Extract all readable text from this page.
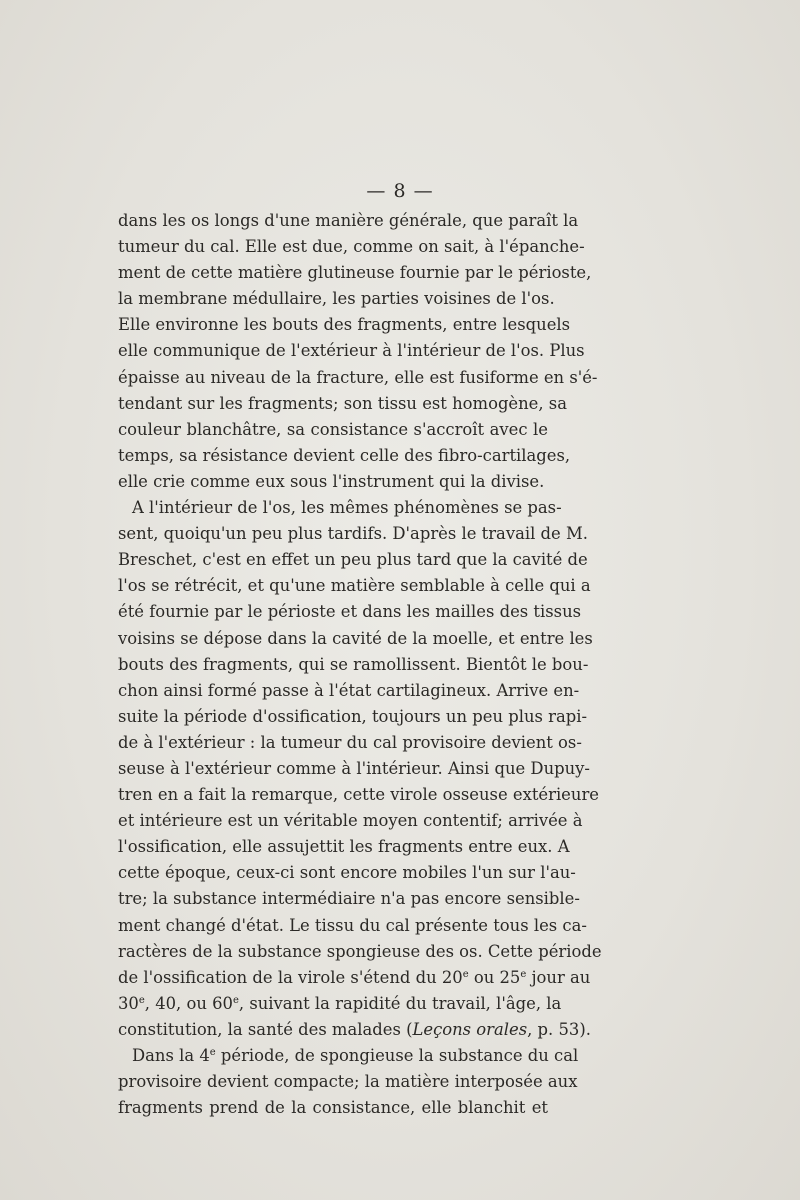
— 8 —
dans les os longs d'une manière générale, que paraît la
tumeur du cal. Elle est due, comme on sait, à l'épanche-
ment de cette matière glutineuse fournie par le périoste,
la membrane médullaire, les parties voisines de l'os.
Elle environne les bouts des fragments, entre lesquels
elle communique de l'extérieur à l'intérieur de l'os. Plus
épaisse au niveau de la fracture, elle est fusiforme en s'é-
tendant sur les fragments; son tissu est homogène, sa
couleur blanchâtre, sa consistance s'accroît avec le
temps, sa résistance devient celle des fibro-cartilages,
elle crie comme eux sous l'instrument qui la divise.
A l'intérieur de l'os, les mêmes phénomènes se pas-
sent, quoiqu'un peu plus tardifs. D'après le travail de M.
Breschet, c'est en effet un peu plus tard que la cavité de
l'os se rétrécit, et qu'une matière semblable à celle qui a
été fournie par le périoste et dans les mailles des tissus
voisins se dépose dans la cavité de la moelle, et entre les
bouts des fragments, qui se ramollissent. Bientôt le bou-
chon ainsi formé passe à l'état cartilagineux. Arrive en-
suite la période d'ossification, toujours un peu plus rapi-
de à l'extérieur : la tumeur du cal provisoire devient os-
seuse à l'extérieur comme à l'intérieur. Ainsi que Dupuy-
tren en a fait la remarque, cette virole osseuse extérieure
et intérieure est un véritable moyen contentif; arrivée à
l'ossification, elle assujettit les fragments entre eux. A
cette époque, ceux-ci sont encore mobiles l'un sur l'au-
tre; la substance intermédiaire n'a pas encore sensible-
ment changé d'état. Le tissu du cal présente tous les ca-
ractères de la substance spongieuse des os. Cette période
de l'ossification de la virole s'étend du 20e ou 25e jour au
30e, 40, ou 60e, suivant la rapidité du travail, l'âge, la
constitution, la santé des malades (Leçons orales, p. 53).
Dans la 4e période, de spongieuse la substance du cal
provisoire devient compacte; la matière interposée aux
fragments prend de la consistance, elle blanchit et
